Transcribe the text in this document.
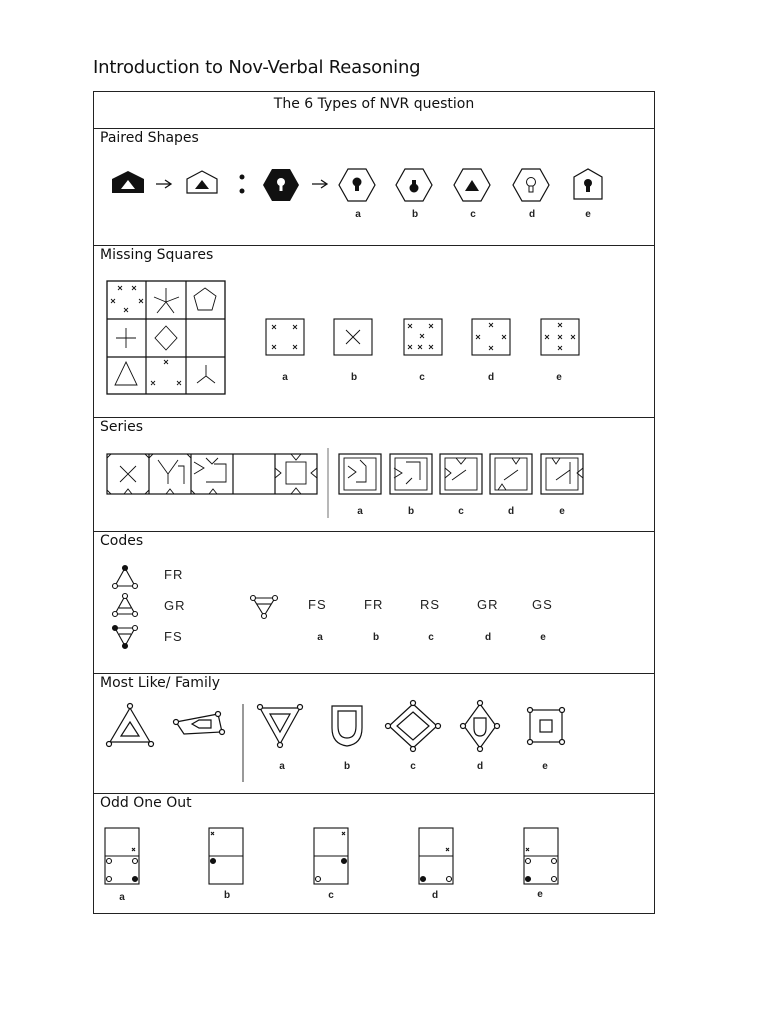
Introduction to Nov-Verbal Reasoning
The 6 Types of NVR question
Paired Shapes
a	b	c	d	e
Missing Squares
a	b	c	d	e
Series
a	b	c	d	e
Codes
FR
GR
FS
FS	FR	RS	GR	GS
a	b	c	d	e
Most Like/ Family
a	b	c	d	e
Odd One Out
a	b	c	d	e
